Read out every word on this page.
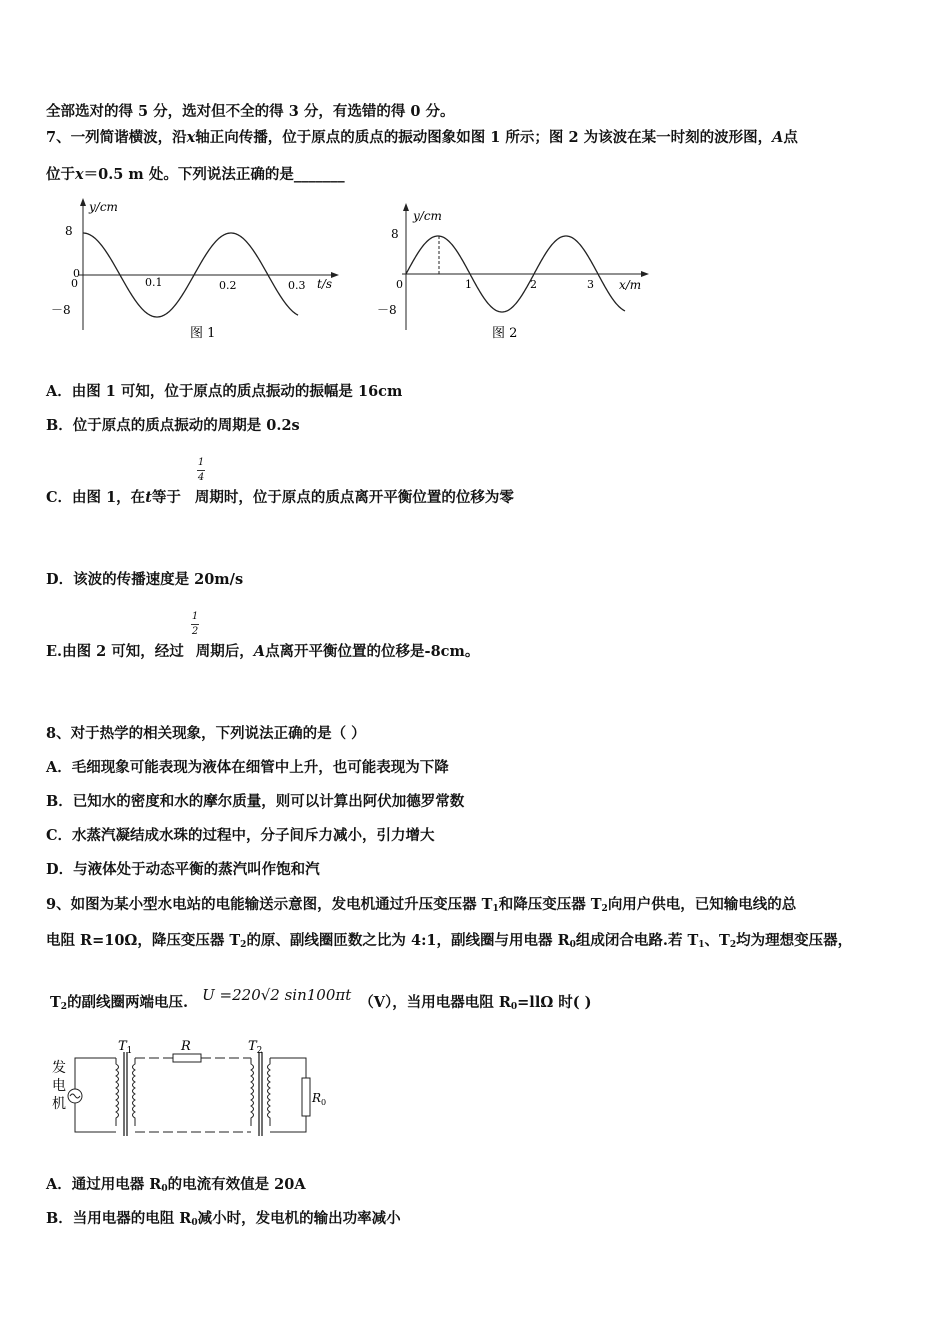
全部选对的得 5 分，选对但不全的得 3 分，有选错的得 0 分。
7、一列简谐横波，沿x轴正向传播，位于原点的质点的振动图象如图 1 所示；图 2 为该波在某一时刻的波形图，A点
位于x＝0.5 m 处。下列说法正确的是_______
y/cm
8
0
0
－8
0.1	0.2	0.3 t/s
图 1
y/cm
8
0
－8
1	2	3 x/m
图 2
A．由图 1 可知，位于原点的质点振动的振幅是 16cm
B．位于原点的质点振动的周期是 0.2s
1
4
C．由图 1，在t等于 周期时，位于原点的质点离开平衡位置的位移为零
D．该波的传播速度是 20m/s
1
2
E.由图 2 可知，经过 周期后，A点离开平衡位置的位移是-8cm。
8、对于热学的相关现象，下列说法正确的是（ ）
A．毛细现象可能表现为液体在细管中上升，也可能表现为下降
B．已知水的密度和水的摩尔质量，则可以计算出阿伏加德罗常数
C．水蒸汽凝结成水珠的过程中，分子间斥力减小，引力增大
D．与液体处于动态平衡的蒸汽叫作饱和汽
9、如图为某小型水电站的电能输送示意图，发电机通过升压变压器 $T_1$和降压变压器 $T_2$向用户供电，已知输电线的总
电阻 R=10Ω，降压变压器 $T_2$的原、副线圈匝数之比为 4:1，副线圈与用电器 $R_0$组成闭合电路.若 $T_1$、$T_2$均为理想变压器，
$T_2$的副线圈两端电压. U =220√2 sin100πt （V），当用电器电阻 $R_0=ll\Omega$ 时( )
发
电
机
$T_1$	R	$T_2$
$R_0$
A．通过用电器 $R_0$的电流有效值是 20A
B．当用电器的电阻 $R_0$减小时，发电机的输出功率减小
